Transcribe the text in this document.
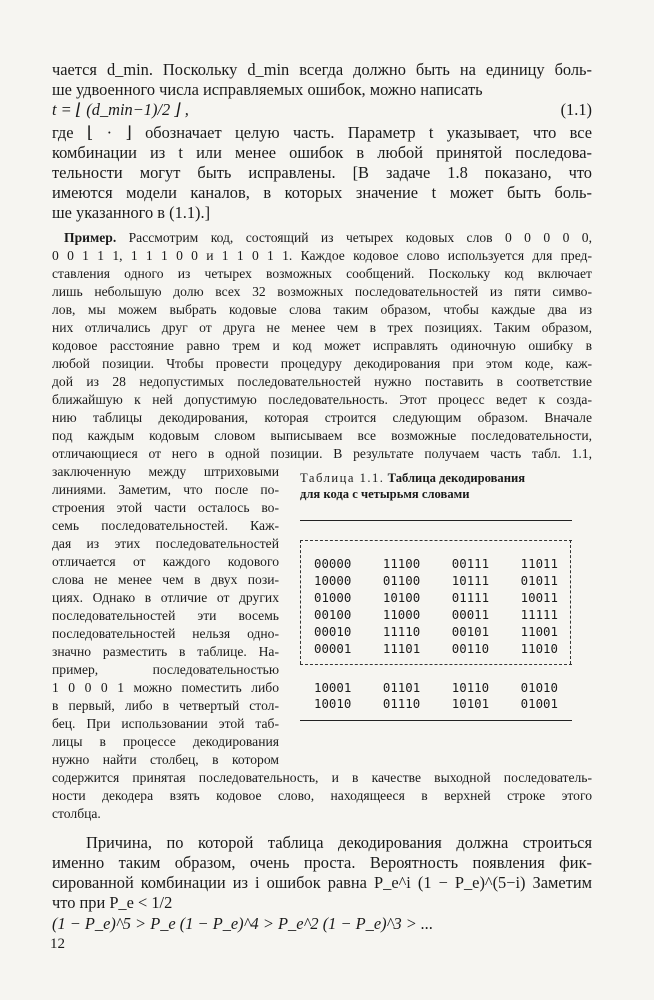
чается d_min. Поскольку d_min всегда должно быть на единицу боль-
ше удвоенного числа исправляемых ошибок, можно написать
t = ⌊ (d_min−1)/2 ⌋ ,	(1.1)
где ⌊ · ⌋ обозначает целую часть. Параметр t указывает, что все
комбинации из t или менее ошибок в любой принятой последова-
тельности могут быть исправлены. [В задаче 1.8 показано, что
имеются модели каналов, в которых значение t может быть боль-
ше указанного в (1.1).]
Пример. Рассмотрим код, состоящий из четырех кодовых слов 0 0 0 0 0,
0 0 1 1 1, 1 1 1 0 0 и 1 1 0 1 1. Каждое кодовое слово используется для пред-
ставления одного из четырех возможных сообщений. Поскольку код включает
лишь небольшую долю всех 32 возможных последовательностей из пяти симво-
лов, мы можем выбрать кодовые слова таким образом, чтобы каждые два из
них отличались друг от друга не менее чем в трех позициях. Таким образом,
кодовое расстояние равно трем и код может исправлять одиночную ошибку в
любой позиции. Чтобы провести процедуру декодирования при этом коде, каж-
дой из 28 недопустимых последовательностей нужно поставить в соответствие
ближайшую к ней допустимую последовательность. Этот процесс ведет к созда-
нию таблицы декодирования, которая строится следующим образом. Вначале
под каждым кодовым словом выписываем все возможные последовательности,
отличающиеся от него в одной позиции. В результате получаем часть табл. 1.1,
заключенную между штриховыми
линиями. Заметим, что после по-
строения этой части осталось во-
семь последовательностей. Каж-
дая из этих последовательностей
отличается от каждого кодового
слова не менее чем в двух пози-
циях. Однако в отличие от других
последовательностей эти восемь
последовательностей нельзя одно-
значно разместить в таблице. На-
пример, последовательностью
1 0 0 0 1 можно поместить либо
в первый, либо в четвертый стол-
бец. При использовании этой таб-
лицы в процессе декодирования
нужно найти столбец, в котором
содержится принятая последовательность, и в качестве выходной последователь-
ности декодера взять кодовое слово, находящееся в верхней строке этого
столбца.
Таблица 1.1. Таблица декодирования
для кода с четырьмя словами
00000	11100	00111	11011
10000	01100	10111	01011
01000	10100	01111	10011
00100	11000	00011	11111
00010	11110	00101	11001
00001	11101	00110	11010
10001	01101	10110	01010
10010	01110	10101	01001
Причина, по которой таблица декодирования должна строиться
именно таким образом, очень проста. Вероятность появления фик-
сированной комбинации из i ошибок равна P_e^i (1 − P_e)^(5−i) Заметим
что при P_e < 1/2
(1 − P_e)^5 > P_e (1 − P_e)^4 > P_e^2 (1 − P_e)^3 > ...
12
